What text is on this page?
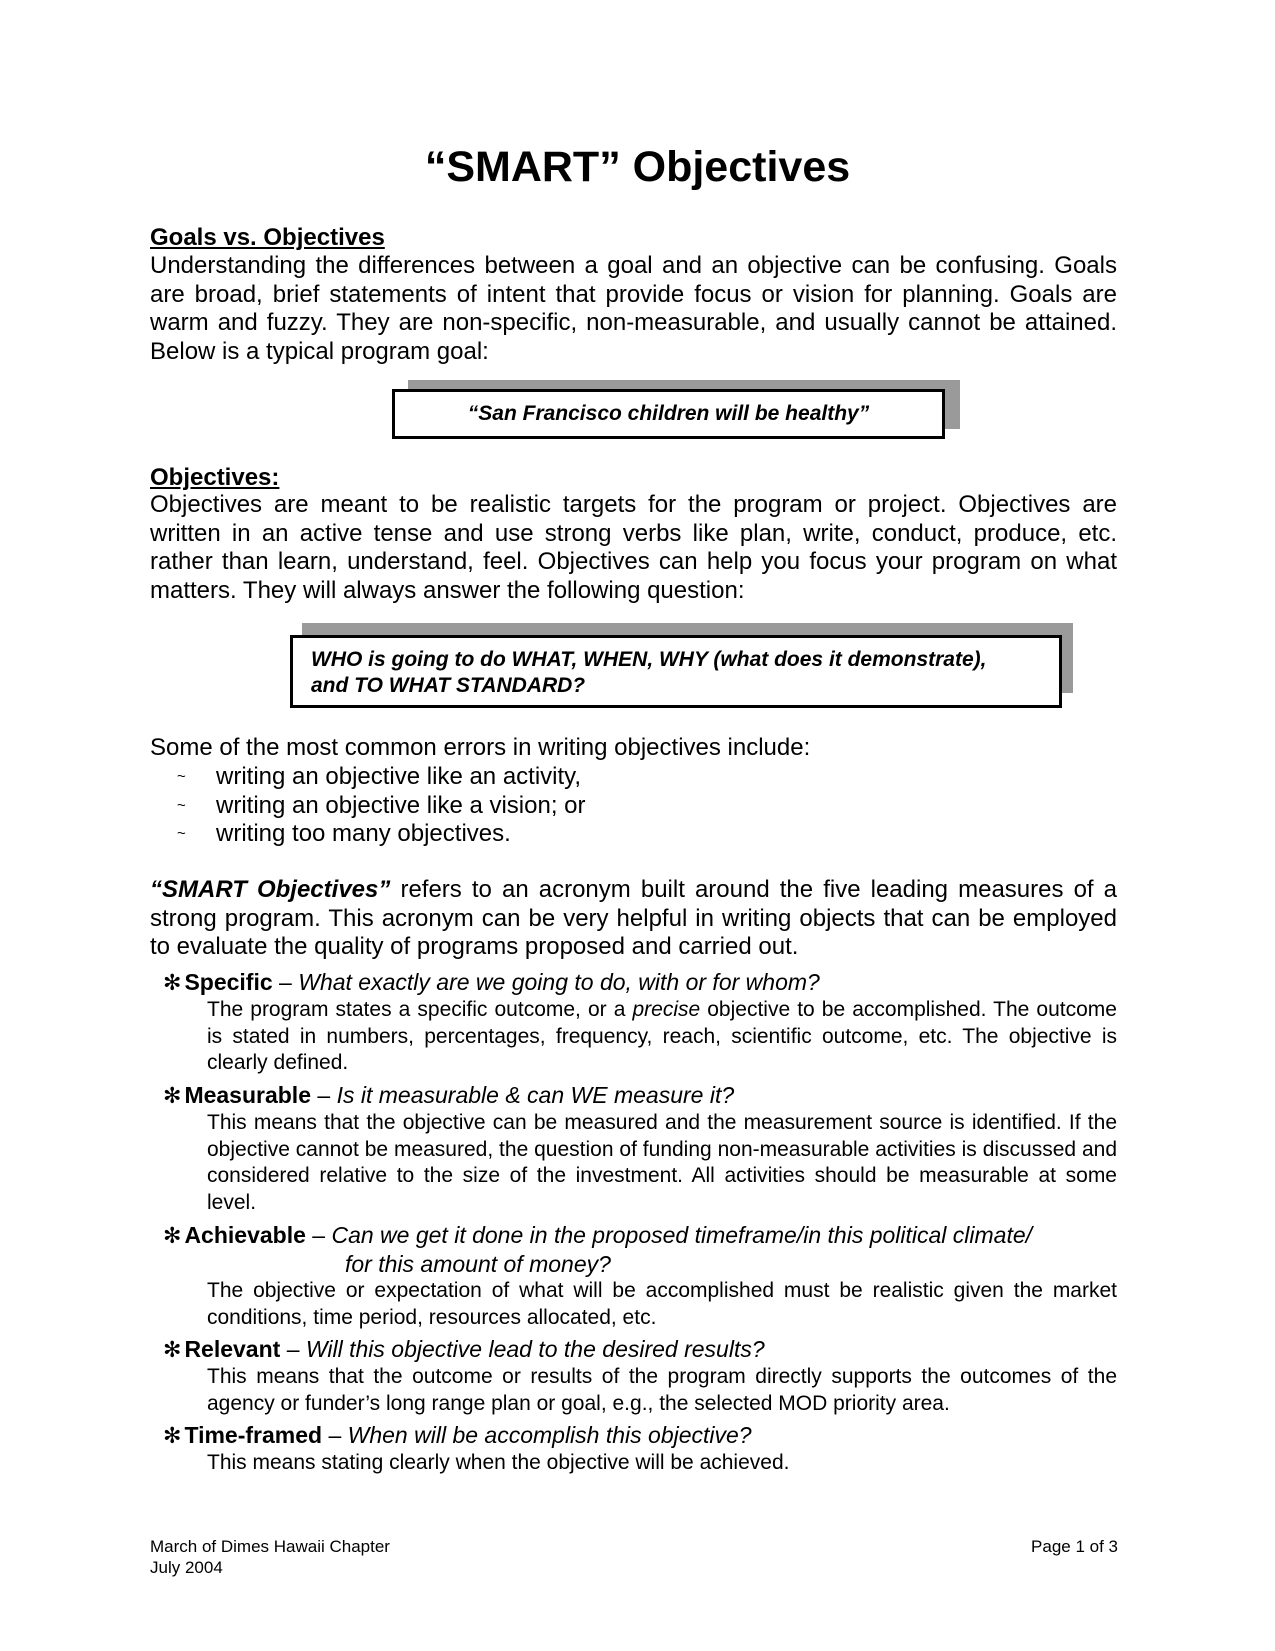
“SMART” Objectives
Goals vs. Objectives

Understanding the differences between a goal and an objective can be confusing. Goals are broad, brief statements of intent that provide focus or vision for planning. Goals are warm and fuzzy. They are non-specific, non-measurable, and usually cannot be attained. Below is a typical program goal:

“San Francisco children will be healthy”
Objectives:

Objectives are meant to be realistic targets for the program or project. Objectives are written in an active tense and use strong verbs like plan, write, conduct, produce, etc. rather than learn, understand, feel. Objectives can help you focus your program on what matters. They will always answer the following question:

WHO is going to do WHAT, WHEN, WHY (what does it demonstrate),
and TO WHAT STANDARD?

Some of the most common errors in writing objectives include:

~ writing an objective like an activity,
~ writing an objective like a vision; or
~ writing too many objectives.

“SMART Objectives” refers to an acronym built around the five leading measures of a strong program. This acronym can be very helpful in writing objects that can be employed to evaluate the quality of programs proposed and carried out.

✻ Specific – What exactly are we going to do, with or for whom?

The program states a specific outcome, or a precise objective to be accomplished. The outcome is stated in numbers, percentages, frequency, reach, scientific outcome, etc. The objective is clearly defined.

✻ Measurable – Is it measurable & can WE measure it?

This means that the objective can be measured and the measurement source is identified. If the objective cannot be measured, the question of funding non-measurable activities is discussed and considered relative to the size of the investment. All activities should be measurable at some level.

✻ Achievable – Can we get it done in the proposed timeframe/in this political climate/
for this amount of money?

The objective or expectation of what will be accomplished must be realistic given the market conditions, time period, resources allocated, etc.

✻ Relevant – Will this objective lead to the desired results?

This means that the outcome or results of the program directly supports the outcomes of the agency or funder’s long range plan or goal, e.g., the selected MOD priority area.

✻ Time-framed – When will be accomplish this objective?

This means stating clearly when the objective will be achieved.

March of Dimes Hawaii Chapter
July 2004
Page 1 of 3
